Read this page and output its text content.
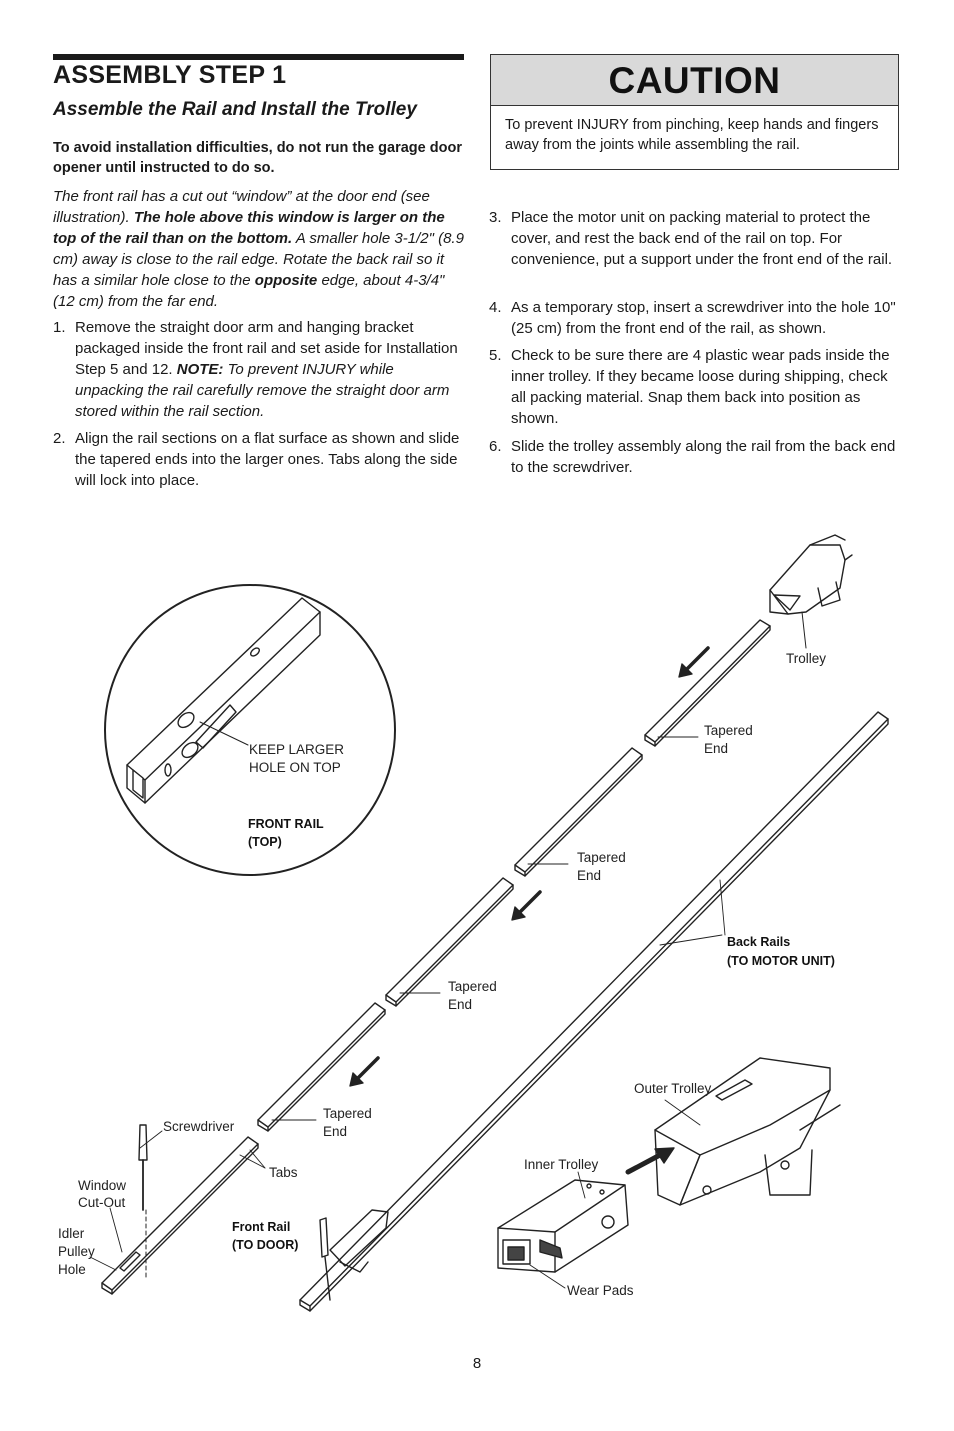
ASSEMBLY STEP 1
Assemble the Rail and Install the Trolley

To avoid installation difficulties, do not run the garage door opener until instructed to do so.

The front rail has a cut out “window” at the door end (see illustration). The hole above this window is larger on the top of the rail than on the bottom. A smaller hole 3-1/2" (8.9 cm) away is close to the rail edge. Rotate the back rail so it has a similar hole close to the opposite edge, about 4-3/4" (12 cm) from the far end.

1. Remove the straight door arm and hanging bracket packaged inside the front rail and set aside for Installation Step 5 and 12. NOTE: To prevent INJURY while unpacking the rail carefully remove the straight door arm stored within the rail section.
2. Align the rail sections on a flat surface as shown and slide the tapered ends into the larger ones. Tabs along the side will lock into place.
CAUTION

To prevent INJURY from pinching, keep hands and fingers away from the joints while assembling the rail.

3. Place the motor unit on packing material to protect the cover, and rest the back end of the rail on top. For convenience, put a support under the front end of the rail.
4. As a temporary stop, insert a screwdriver into the hole 10" (25 cm) from the front end of the rail, as shown.
5. Check to be sure there are 4 plastic wear pads inside the inner trolley. If they became loose during shipping, check all packing material. Snap them back into position as shown.
6. Slide the trolley assembly along the rail from the back end to the screwdriver.
KEEP LARGER
HOLE ON TOP
FRONT RAIL
(TOP)
Trolley
Tapered
End
Tapered
End
Tapered
End
Tapered
End
Back Rails
(TO MOTOR UNIT)
Outer Trolley
Inner Trolley
Wear Pads
Screwdriver
Tabs
Window
Cut-Out
Idler
Pulley
Hole
Front Rail
(TO DOOR)
8
